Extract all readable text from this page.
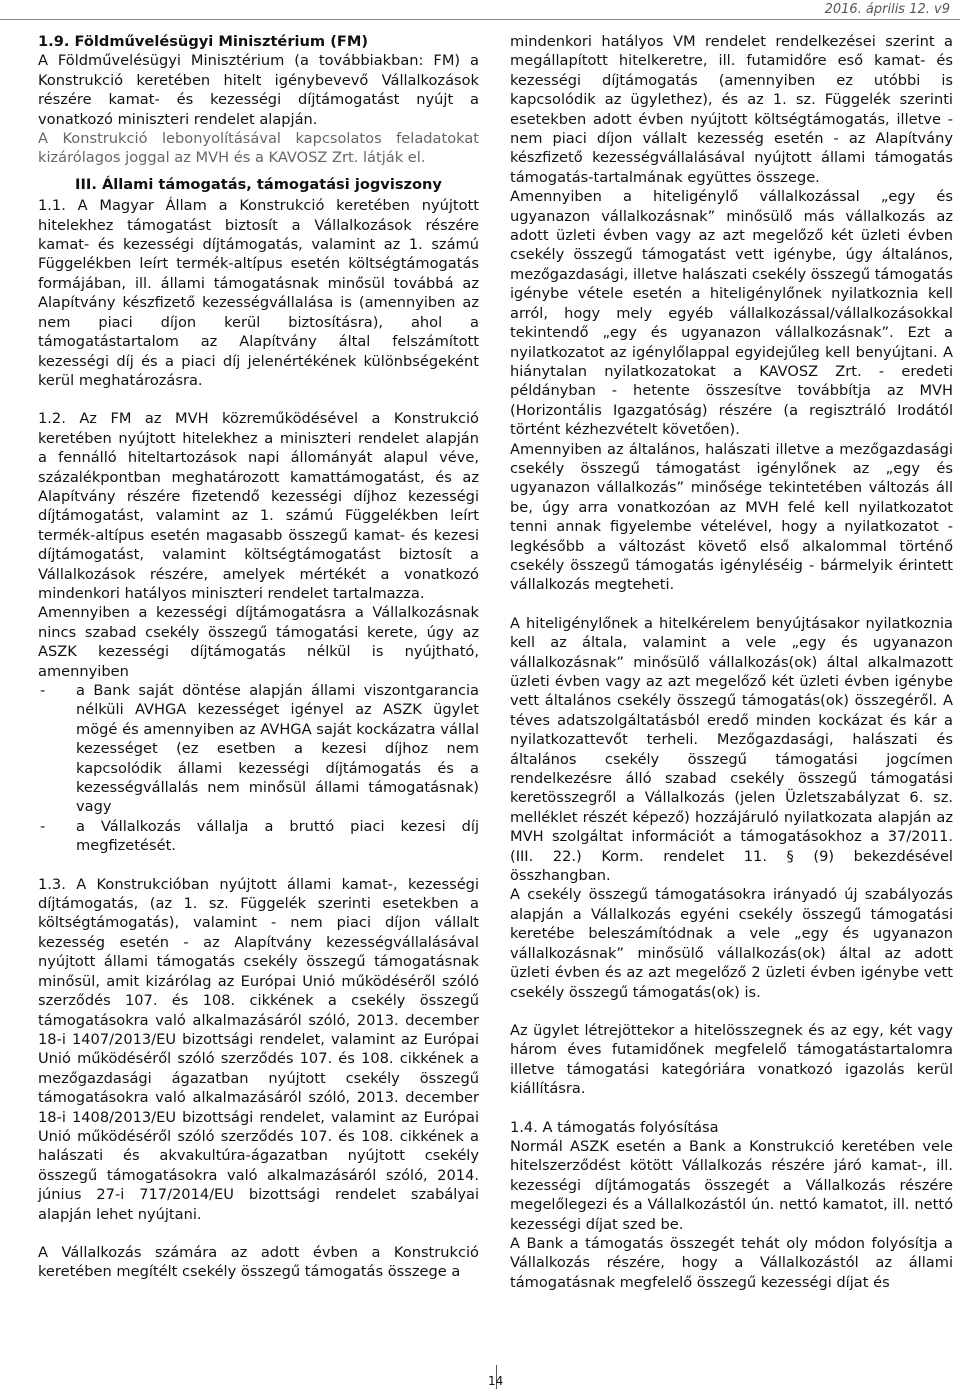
2016. április 12. v9

1.9. Földművelésügyi Minisztérium (FM)

A Földművelésügyi Minisztérium (a továbbiakban: FM) a Konstrukció keretében hitelt igénybevevő Vállalkozások részére kamat- és kezességi díjtámogatást nyújt a vonatkozó miniszteri rendelet alapján.

A Konstrukció lebonyolításával kapcsolatos feladatokat kizárólagos joggal az MVH és a KAVOSZ Zrt. látják el.

III. Állami támogatás, támogatási jogviszony

1.1. A Magyar Állam a Konstrukció keretében nyújtott hitelekhez támogatást biztosít a Vállalkozások részére kamat- és kezességi díjtámogatás, valamint az 1. számú Függelékben leírt termék-altípus esetén költségtámogatás formájában, ill. állami támogatásnak minősül továbbá az Alapítvány készfizető kezességvállalása is (amennyiben az nem piaci díjon kerül biztosításra), ahol a támogatástartalom az Alapítvány által felszámított kezességi díj és a piaci díj jelenértékének különbségeként kerül meghatározásra.

1.2. Az FM az MVH közreműködésével a Konstrukció keretében nyújtott hitelekhez a miniszteri rendelet alapján a fennálló hiteltartozások napi állományát alapul véve, százalékpontban meghatározott kamattámogatást, és az Alapítvány részére fizetendő kezességi díjhoz kezességi díjtámogatást, valamint az 1. számú Függelékben leírt termék-altípus esetén magasabb összegű kamat- és kezesi díjtámogatást, valamint költségtámogatást biztosít a Vállalkozások részére, amelyek mértékét a vonatkozó mindenkori hatályos miniszteri rendelet tartalmazza.

Amennyiben a kezességi díjtámogatásra a Vállalkozásnak nincs szabad csekély összegű támogatási kerete, úgy az ASZK kezességi díjtámogatás nélkül is nyújtható, amennyiben

-	a Bank saját döntése alapján állami viszontgarancia nélküli AVHGA kezességet igényel az ASZK ügylet mögé és amennyiben az AVHGA saját kockázatra vállal kezességet (ez esetben a kezesi díjhoz nem kapcsolódik állami kezességi díjtámogatás és a kezességvállalás nem minősül állami támogatásnak) vagy
-	a Vállalkozás vállalja a bruttó piaci kezesi díj megfizetését.

1.3. A Konstrukcióban nyújtott állami kamat-, kezességi díjtámogatás, (az 1. sz. Függelék szerinti esetekben a költségtámogatás), valamint - nem piaci díjon vállalt kezesség esetén - az Alapítvány kezességvállalásával nyújtott állami támogatás csekély összegű támogatásnak minősül, amit kizárólag az Európai Unió működéséről szóló szerződés 107. és 108. cikkének a csekély összegű támogatásokra való alkalmazásáról szóló, 2013. december 18-i 1407/2013/EU bizottsági rendelet, valamint az Európai Unió működéséről szóló szerződés 107. és 108. cikkének a mezőgazdasági ágazatban nyújtott csekély összegű támogatásokra való alkalmazásáról szóló, 2013. december 18-i 1408/2013/EU bizottsági rendelet, valamint az Európai Unió működéséről szóló szerződés 107. és 108. cikkének a halászati és akvakultúra-ágazatban nyújtott csekély összegű támogatásokra való alkalmazásáról szóló, 2014. június 27-i 717/2014/EU bizottsági rendelet szabályai alapján lehet nyújtani.

A Vállalkozás számára az adott évben a Konstrukció keretében megítélt csekély összegű támogatás összege a

mindenkori hatályos VM rendelet rendelkezései szerint a megállapított hitelkeretre, ill. futamidőre eső kamat- és kezességi díjtámogatás (amennyiben ez utóbbi is kapcsolódik az ügylethez), és az 1. sz. Függelék szerinti esetekben adott évben nyújtott költségtámogatás, illetve - nem piaci díjon vállalt kezesség esetén - az Alapítvány készfizető kezességvállalásával nyújtott állami támogatás támogatás-tartalmának együttes összege.

Amennyiben a hiteligénylő vállalkozással „egy és ugyanazon vállalkozásnak” minősülő más vállalkozás az adott üzleti évben vagy az azt megelőző két üzleti évben csekély összegű támogatást vett igénybe, úgy általános, mezőgazdasági, illetve halászati csekély összegű támogatás igénybe vétele esetén a hiteligénylőnek nyilatkoznia kell arról, hogy mely egyéb vállalkozással/vállalkozásokkal tekintendő „egy és ugyanazon vállalkozásnak”. Ezt a nyilatkozatot az igénylőlappal egyidejűleg kell benyújtani. A hiánytalan nyilatkozatokat a KAVOSZ Zrt. - eredeti példányban - hetente összesítve továbbítja az MVH (Horizontális Igazgatóság) részére (a regisztráló Irodától történt kézhezvételt követően).

Amennyiben az általános, halászati illetve a mezőgazdasági csekély összegű támogatást igénylőnek az „egy és ugyanazon vállalkozás” minősége tekintetében változás áll be, úgy arra vonatkozóan az MVH felé kell nyilatkozatot tenni annak figyelembe vételével, hogy a nyilatkozatot - legkésőbb a változást követő első alkalommal történő csekély összegű támogatás igényléséig - bármelyik érintett vállalkozás megteheti.

A hiteligénylőnek a hitelkérelem benyújtásakor nyilatkoznia kell az általa, valamint a vele „egy és ugyanazon vállalkozásnak” minősülő vállalkozás(ok) által alkalmazott üzleti évben vagy az azt megelőző két üzleti évben igénybe vett általános csekély összegű támogatás(ok) összegéről. A téves adatszolgáltatásból eredő minden kockázat és kár a nyilatkozattevőt terheli. Mezőgazdasági, halászati és általános csekély összegű támogatási jogcímen rendelkezésre álló szabad csekély összegű támogatási keretösszegről a Vállalkozás (jelen Üzletszabályzat 6. sz. melléklet részét képező) hozzájáruló nyilatkozata alapján az MVH szolgáltat információt a támogatásokhoz a 37/2011. (III. 22.) Korm. rendelet 11. § (9) bekezdésével összhangban.

A csekély összegű támogatásokra irányadó új szabályozás alapján a Vállalkozás egyéni csekély összegű támogatási keretébe beleszámítódnak a vele „egy és ugyanazon vállalkozásnak” minősülő vállalkozás(ok) által az adott üzleti évben és az azt megelőző 2 üzleti évben igénybe vett csekély összegű támogatás(ok) is.

Az ügylet létrejöttekor a hitelösszegnek és az egy, két vagy három éves futamidőnek megfelelő támogatástartalomra illetve támogatási kategóriára vonatkozó igazolás kerül kiállításra.

1.4. A támogatás folyósítása

Normál ASZK esetén a Bank a Konstrukció keretében vele hitelszerződést kötött Vállalkozás részére járó kamat-, ill. kezességi díjtámogatás összegét a Vállalkozás részére megelőlegezi és a Vállalkozástól ún. nettó kamatot, ill. nettó kezességi díjat szed be.

A Bank a támogatás összegét tehát oly módon folyósítja a Vállalkozás részére, hogy a Vállalkozástól az állami támogatásnak megfelelő összegű kezességi díjat és

14
